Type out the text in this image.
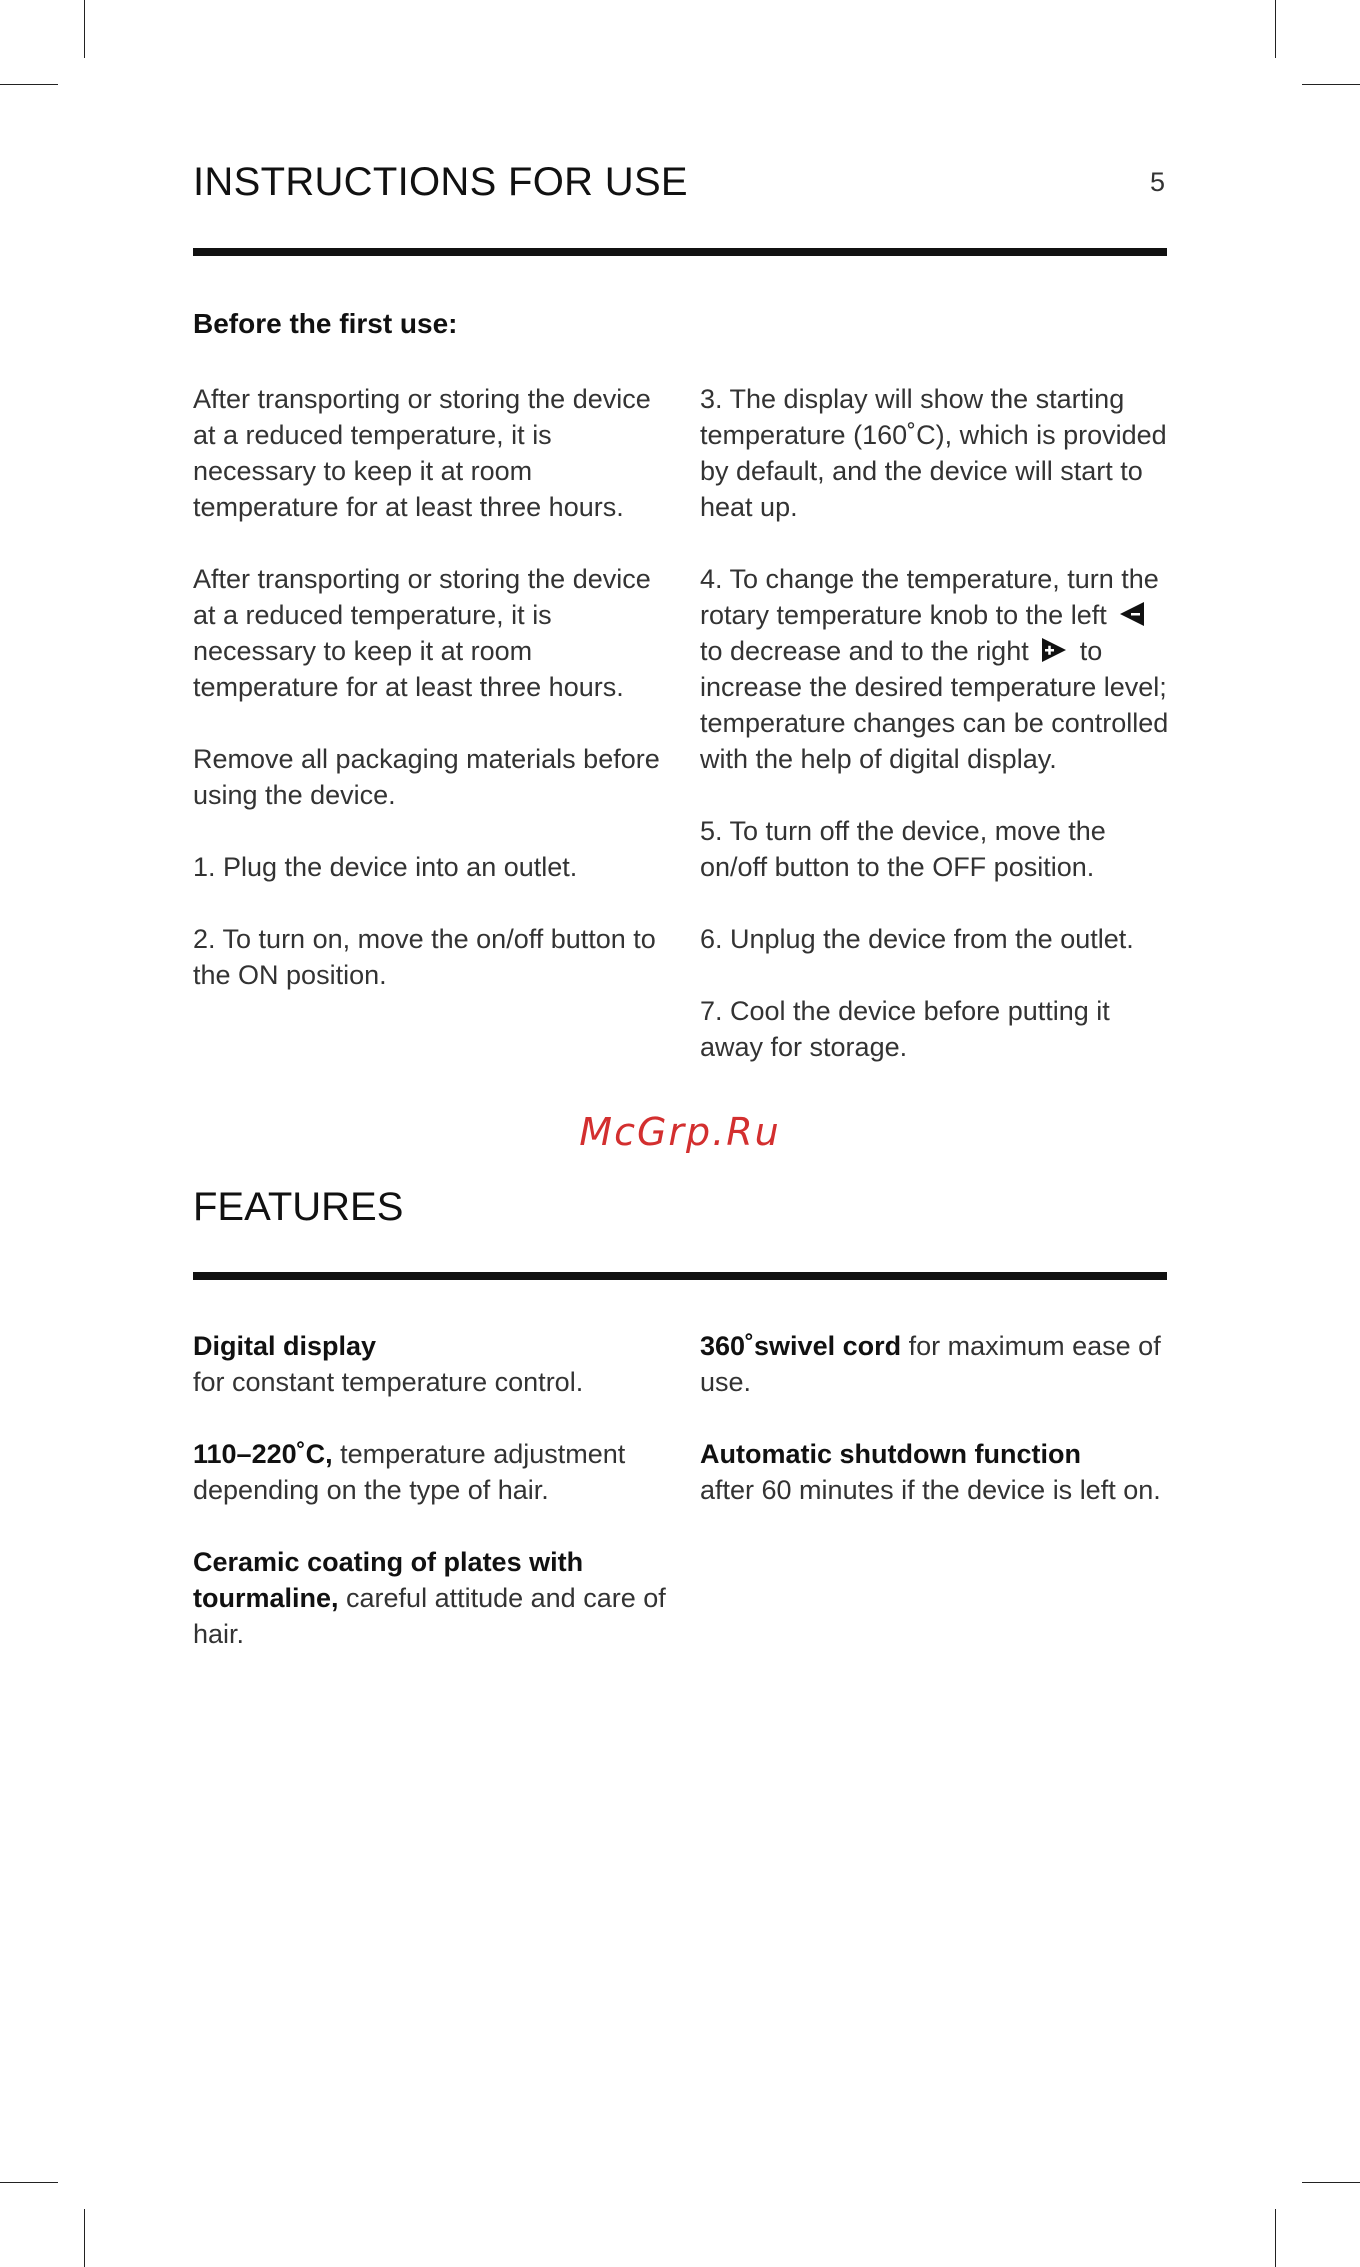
INSTRUCTIONS FOR USE	5
Before the first use:

After transporting or storing the device at a reduced temperature, it is necessary to keep it at room temperature for at least three hours.

After transporting or storing the device at a reduced temperature, it is necessary to keep it at room temperature for at least three hours.

Remove all packaging materials before using the device.

1. Plug the device into an outlet.

2. To turn on, move the on/off button to the ON position.

3. The display will show the starting temperature (160˚C), which is provided by default, and the device will start to heat up.

4. To change the temperature, turn the rotary temperature knob to the left  to decrease and to the right to increase the desired temperature level; temperature changes can be controlled with the help of digital display.

5. To turn off the device, move the on/off button to the OFF position.

6. Unplug the device from the outlet.

7. Cool the device before putting it away for storage.

McGrp.Ru
FEATURES

Digital display
for constant temperature control.

110–220˚C, temperature adjustment depending on the type of hair.

Ceramic coating of plates with tourmaline, careful attitude and care of hair.

360˚swivel cord for maximum ease of use.

Automatic shutdown function
after 60 minutes if the device is left on.
